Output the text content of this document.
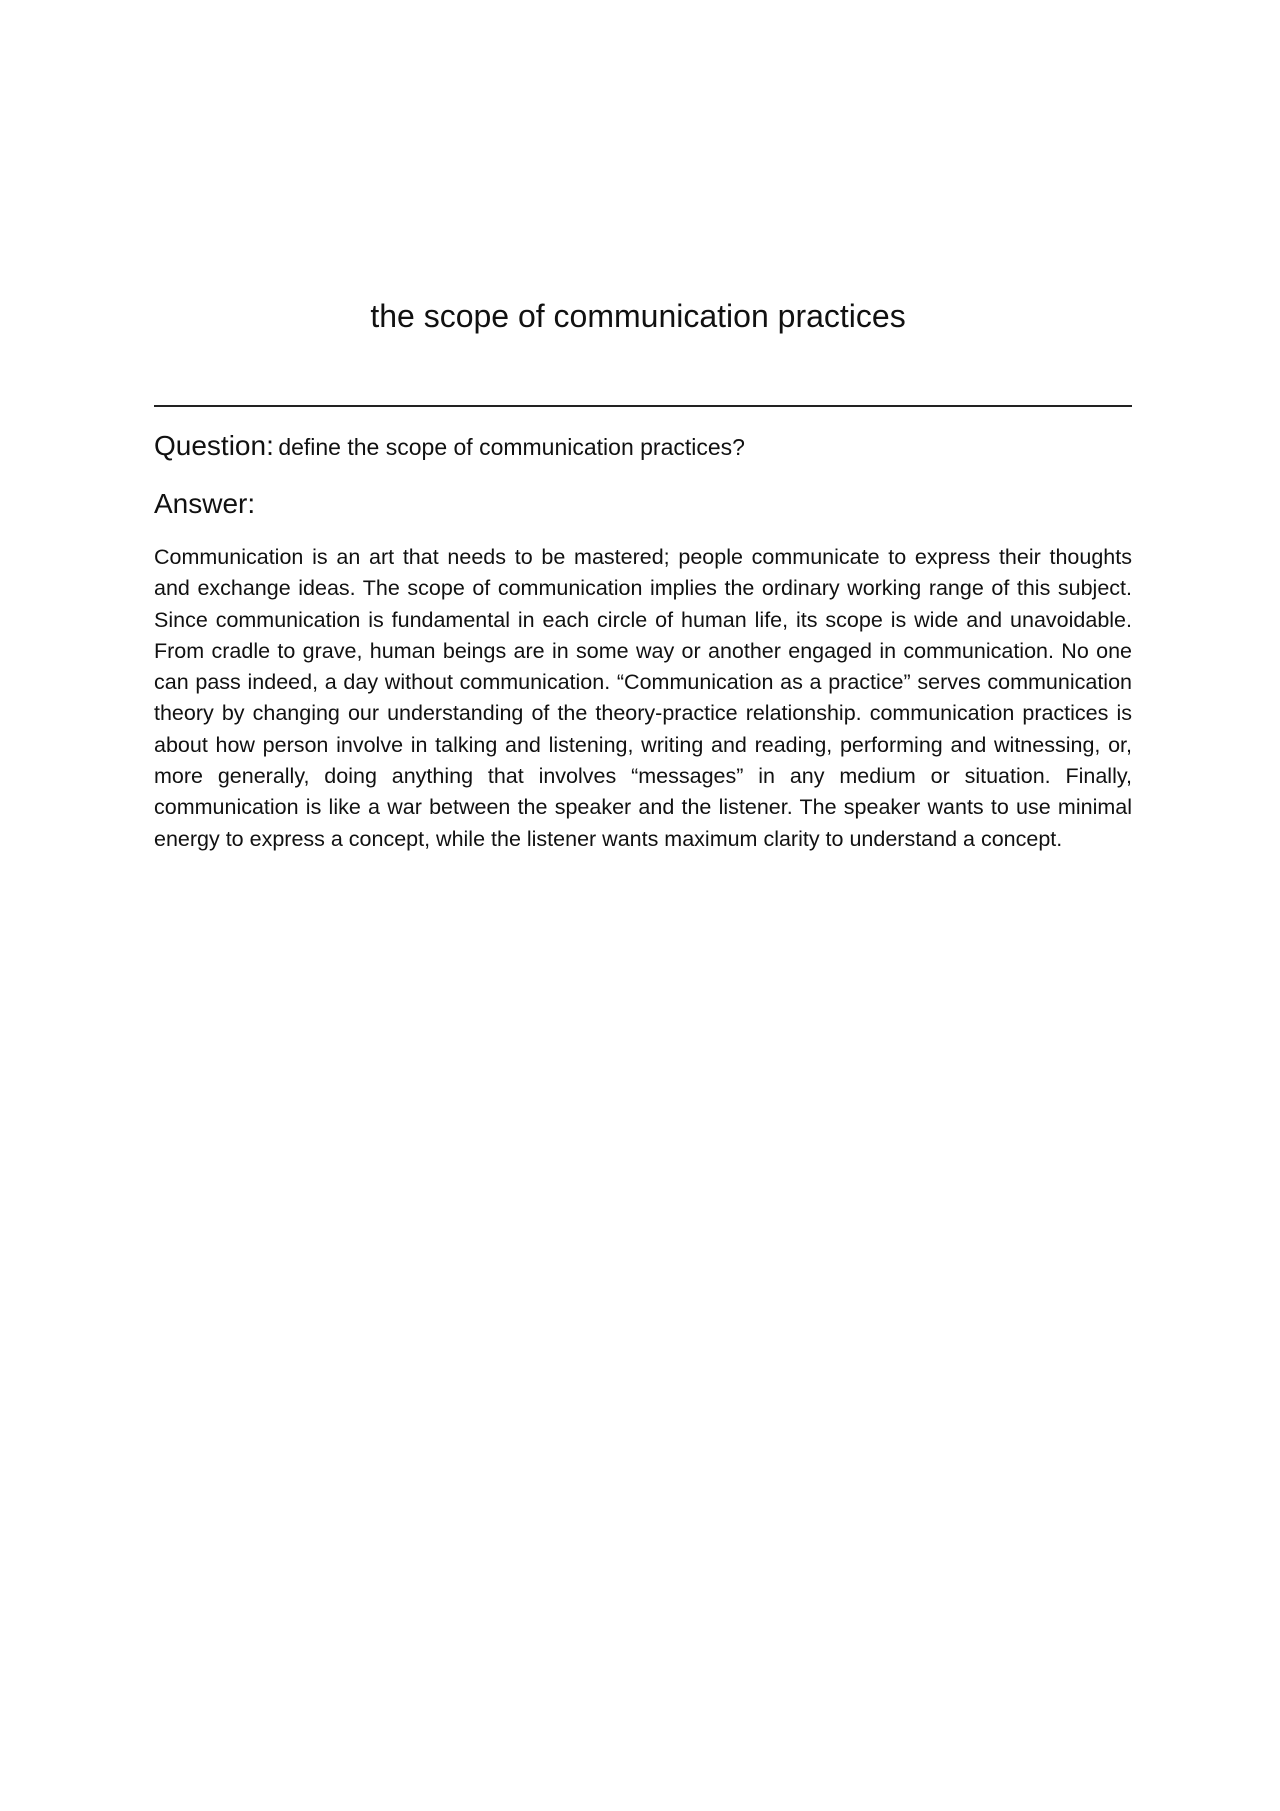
the scope of communication practices

Question: define the scope of communication practices?

Answer:

Communication is an art that needs to be mastered; people communicate to express their thoughts and exchange ideas. The scope of communication implies the ordinary working range of this subject. Since communication is fundamental in each circle of human life, its scope is wide and unavoidable. From cradle to grave, human beings are in some way or another engaged in communication. No one can pass indeed, a day without communication. “Communication as a practice” serves communication theory by changing our understanding of the theory-practice relationship. communication practices is about how person involve in talking and listening, writing and reading, performing and witnessing, or, more generally, doing anything that involves “messages” in any medium or situation. Finally, communication is like a war between the speaker and the listener. The speaker wants to use minimal energy to express a concept, while the listener wants maximum clarity to understand a concept.
